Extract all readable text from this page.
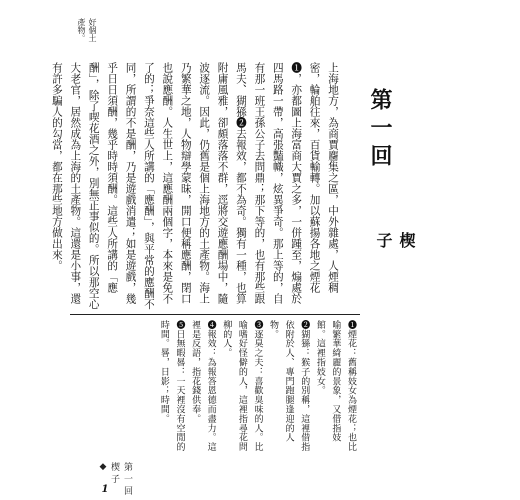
好個土
產物。
第一回
楔子
上海地方，為商賈麕集之區，中外雜處，人煙稠密，輪舶往來，百貨輸轉。加以蘇揚各地之煙花❶，亦都圖上海富商大賈之多，一併踵至，煽處於四馬路一帶，高張豔幟，炫異爭奇。那上等的，自有那一班王孫公子去問鼎；那下等的，也有那些跟馬夫、猢猻❷去報效，都不為奇。獨有一種，也算附庸風雅，卻頗落落不群，逕將交遊應酬場中，隨波逐流。因此，仍舊是個上海地方的土產物。海上乃繁華之地，人物辯學蒙昧，開口便稱應酬，閉口也說應酬。人生世上，這應酬兩個字，本來是免不了的；爭奈這些人所講的「應酬」，與平常的應酬不同，所謂的不是酬，乃是遊戲消遣；如是遊戲，幾乎日日須酬，幾乎時時須酬。這些人所講的「應酬」，除了喫花酒之外，別無正事似的。所以那空心大老官，居然成為上海的土產物。這還是小事，還有許多騙人的勾當，都在那些地方做出來。
❶煙花：舊稱妓女為煙花；也比喻繁華綺麗的景象，又借指妓館。這裡指妓女。
❷猢猻：猴子的別稱，這裡借指依附於人、專門跑腿逢迎的人物。
❸逐臭之夫：喜歡臭味的人。比喻嗜好怪僻的人，這裡指尋花問柳的人。
❹報效：為報答恩德而盡力。這裡是反語，指花錢供奉。
❺日無暇晷：一天裡沒有空閒的時間。晷，日影；時間。
第一回 楔子 ◆
1
